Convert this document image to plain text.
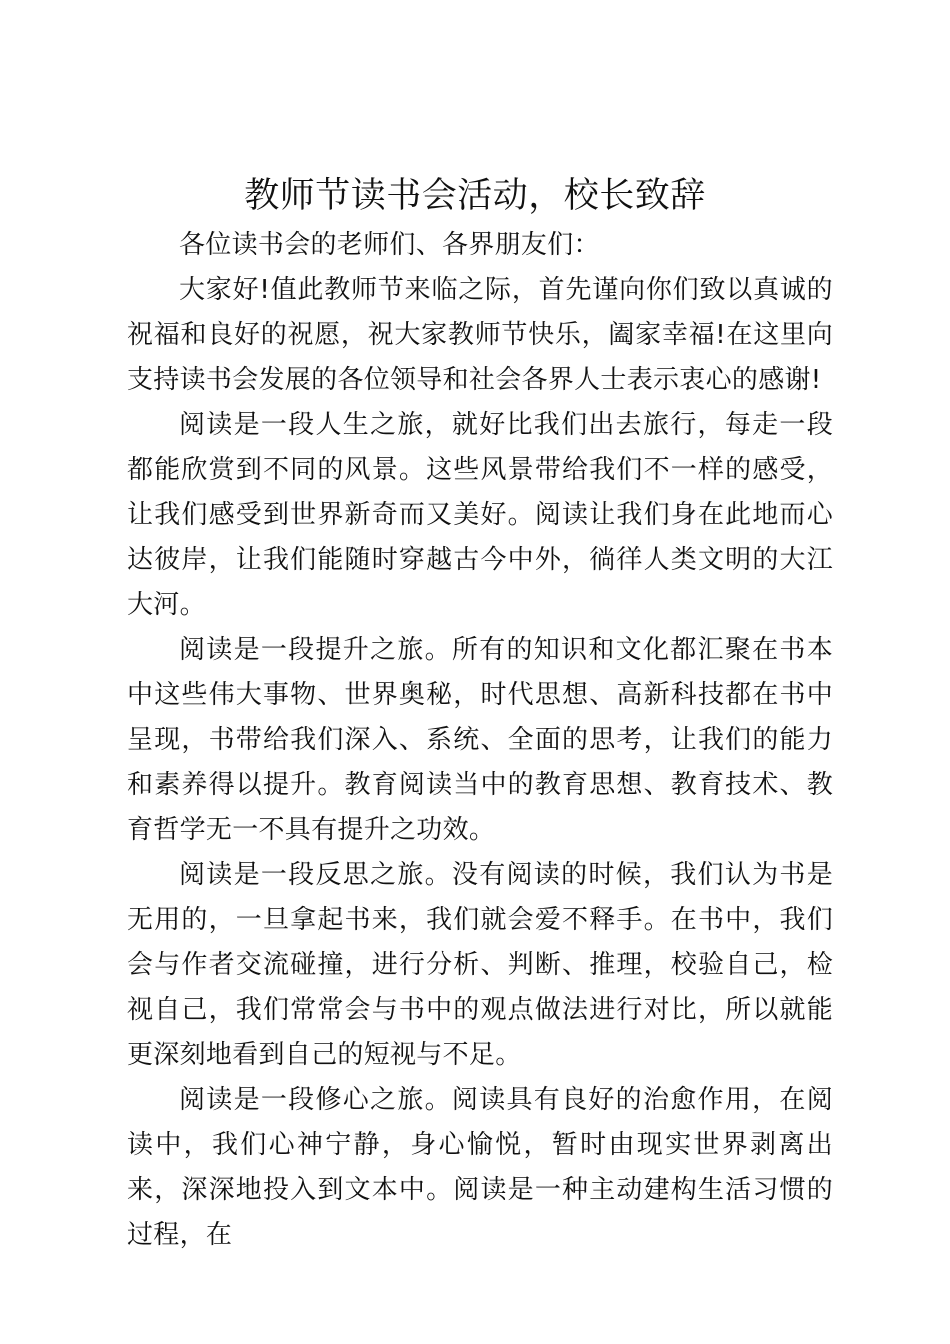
教师节读书会活动，校长致辞

各位读书会的老师们、各界朋友们：

大家好!值此教师节来临之际，首先谨向你们致以真诚的祝福和良好的祝愿，祝大家教师节快乐，阖家幸福!在这里向支持读书会发展的各位领导和社会各界人士表示衷心的感谢!

阅读是一段人生之旅，就好比我们出去旅行，每走一段都能欣赏到不同的风景。这些风景带给我们不一样的感受，让我们感受到世界新奇而又美好。阅读让我们身在此地而心达彼岸，让我们能随时穿越古今中外，徜徉人类文明的大江大河。

阅读是一段提升之旅。所有的知识和文化都汇聚在书本中这些伟大事物、世界奥秘，时代思想、高新科技都在书中呈现，书带给我们深入、系统、全面的思考，让我们的能力和素养得以提升。教育阅读当中的教育思想、教育技术、教育哲学无一不具有提升之功效。

阅读是一段反思之旅。没有阅读的时候，我们认为书是无用的，一旦拿起书来，我们就会爱不释手。在书中，我们会与作者交流碰撞，进行分析、判断、推理，校验自己，检视自己，我们常常会与书中的观点做法进行对比，所以就能更深刻地看到自己的短视与不足。

阅读是一段修心之旅。阅读具有良好的治愈作用，在阅读中，我们心神宁静，身心愉悦，暂时由现实世界剥离出来，深深地投入到文本中。阅读是一种主动建构生活习惯的过程，在
